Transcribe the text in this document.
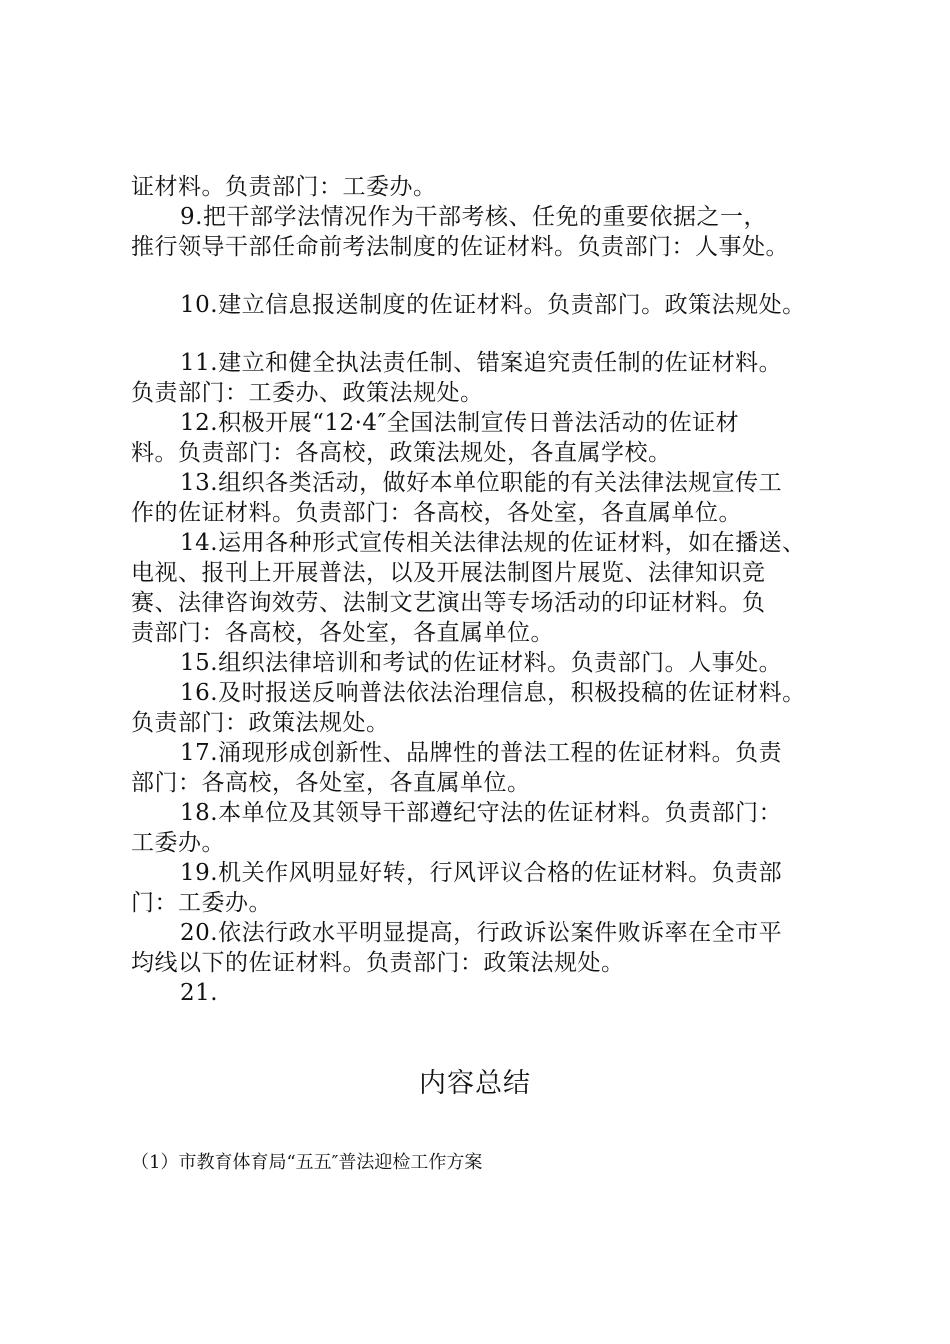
证材料。负责部门：工委办。
9.把干部学法情况作为干部考核、任免的重要依据之一，
推行领导干部任命前考法制度的佐证材料。负责部门：人事处。
10.建立信息报送制度的佐证材料。负责部门。政策法规处。
11.建立和健全执法责任制、错案追究责任制的佐证材料。
负责部门：工委办、政策法规处。
12.积极开展“12·4″全国法制宣传日普法活动的佐证材
料。负责部门：各高校，政策法规处，各直属学校。
13.组织各类活动，做好本单位职能的有关法律法规宣传工
作的佐证材料。负责部门：各高校，各处室，各直属单位。
14.运用各种形式宣传相关法律法规的佐证材料，如在播送、
电视、报刊上开展普法，以及开展法制图片展览、法律知识竞
赛、法律咨询效劳、法制文艺演出等专场活动的印证材料。负
责部门：各高校，各处室，各直属单位。
15.组织法律培训和考试的佐证材料。负责部门。人事处。
16.及时报送反响普法依法治理信息，积极投稿的佐证材料。
负责部门：政策法规处。
17.涌现形成创新性、品牌性的普法工程的佐证材料。负责
部门：各高校，各处室，各直属单位。
18.本单位及其领导干部遵纪守法的佐证材料。负责部门：
工委办。
19.机关作风明显好转，行风评议合格的佐证材料。负责部
门：工委办。
20.依法行政水平明显提高，行政诉讼案件败诉率在全市平
均线以下的佐证材料。负责部门：政策法规处。
21.
内容总结
（1）市教育体育局“五五″普法迎检工作方案
